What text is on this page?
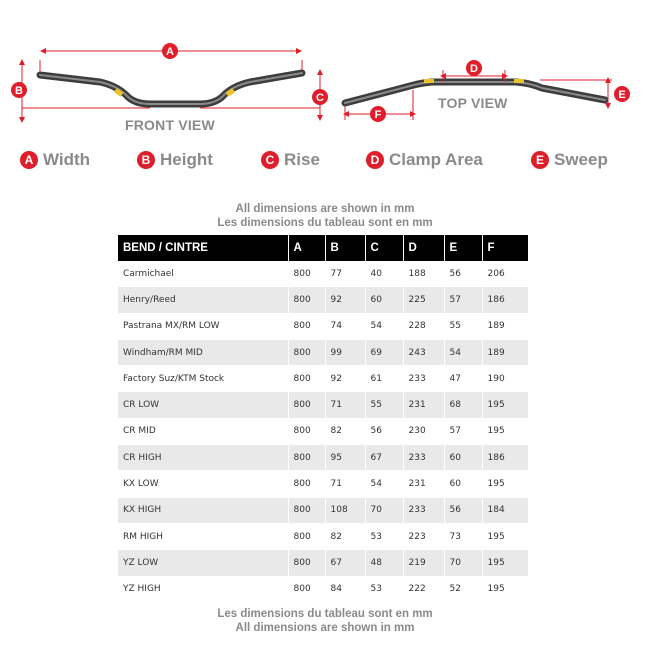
A
B
C
D
E
F
FRONT VIEW
TOP VIEW
A Width	B Height	C Rise	D Clamp Area	E Sweep
All dimensions are shown in mm
Les dimensions du tableau sont en mm
BEND / CINTRE	A	B	C	D	E	F
Carmichael	800	77	40	188	56	206
Henry/Reed	800	92	60	225	57	186
Pastrana MX/RM LOW	800	74	54	228	55	189
Windham/RM MID	800	99	69	243	54	189
Factory Suz/KTM Stock	800	92	61	233	47	190
CR LOW	800	71	55	231	68	195
CR MID	800	82	56	230	57	195
CR HIGH	800	95	67	233	60	186
KX LOW	800	71	54	231	60	195
KX HIGH	800	108	70	233	56	184
RM HIGH	800	82	53	223	73	195
YZ LOW	800	67	48	219	70	195
YZ HIGH	800	84	53	222	52	195
Les dimensions du tableau sont en mm
All dimensions are shown in mm
